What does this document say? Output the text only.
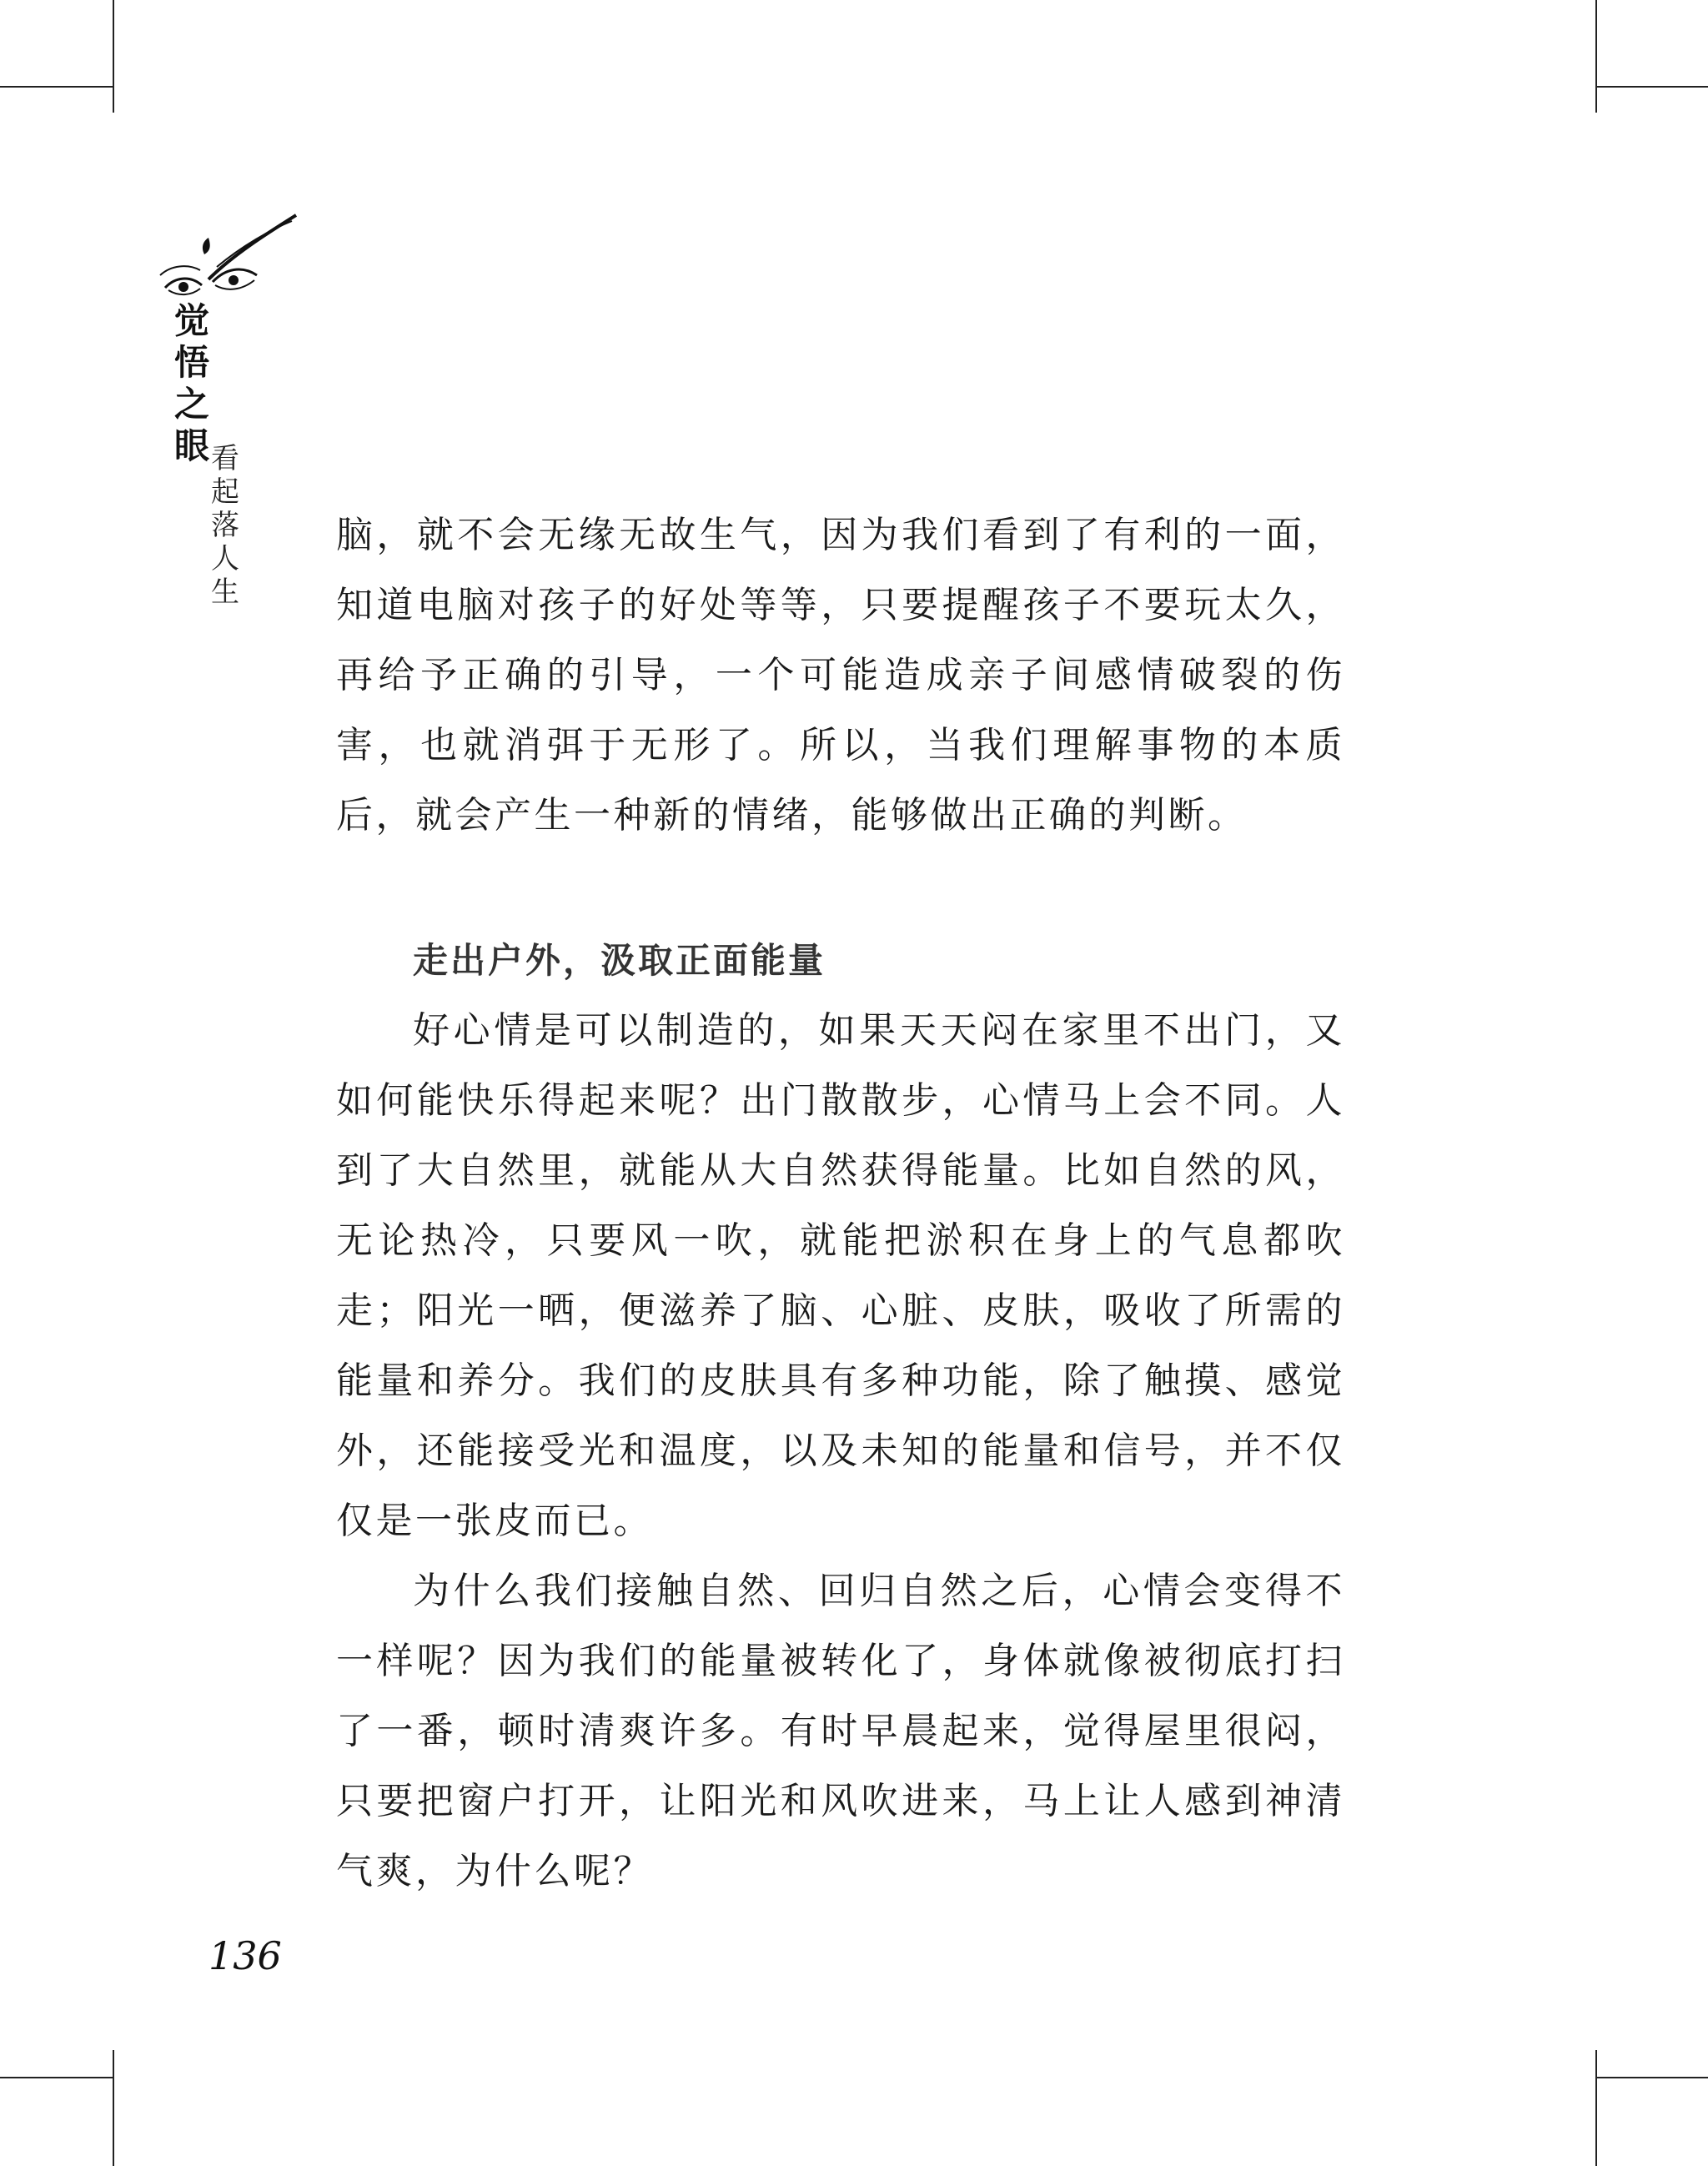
觉悟之眼 看起落人生

脑，就不会无缘无故生气，因为我们看到了有利的一面，知道电脑对孩子的好处等等，只要提醒孩子不要玩太久，再给予正确的引导，一个可能造成亲子间感情破裂的伤害，也就消弭于无形了。所以，当我们理解事物的本质后，就会产生一种新的情绪，能够做出正确的判断。

走出户外，汲取正面能量

好心情是可以制造的，如果天天闷在家里不出门，又如何能快乐得起来呢？出门散散步，心情马上会不同。人到了大自然里，就能从大自然获得能量。比如自然的风，无论热冷，只要风一吹，就能把淤积在身上的气息都吹走；阳光一晒，便滋养了脑、心脏、皮肤，吸收了所需的能量和养分。我们的皮肤具有多种功能，除了触摸、感觉外，还能接受光和温度，以及未知的能量和信号，并不仅仅是一张皮而已。

为什么我们接触自然、回归自然之后，心情会变得不一样呢？因为我们的能量被转化了，身体就像被彻底打扫了一番，顿时清爽许多。有时早晨起来，觉得屋里很闷，只要把窗户打开，让阳光和风吹进来，马上让人感到神清气爽，为什么呢？

136
